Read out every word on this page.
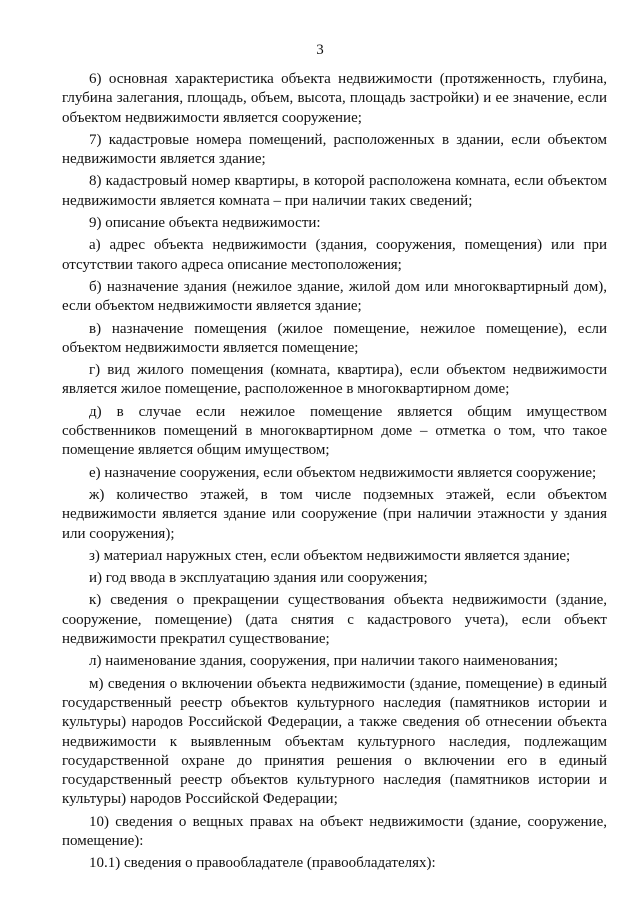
3

6) основная характеристика объекта недвижимости (протяженность, глубина, глубина залегания, площадь, объем, высота, площадь застройки) и ее значение, если объектом недвижимости является сооружение;

7) кадастровые номера помещений, расположенных в здании, если объектом недвижимости является здание;

8) кадастровый номер квартиры, в которой расположена комната, если объектом недвижимости является комната – при наличии таких сведений;

9) описание объекта недвижимости:

а) адрес объекта недвижимости (здания, сооружения, помещения) или при отсутствии такого адреса описание местоположения;

б) назначение здания (нежилое здание, жилой дом или многоквартирный дом), если объектом недвижимости является здание;

в) назначение помещения (жилое помещение, нежилое помещение), если объектом недвижимости является помещение;

г) вид жилого помещения (комната, квартира), если объектом недвижимости является жилое помещение, расположенное в многоквартирном доме;

д) в случае если нежилое помещение является общим имуществом собственников помещений в многоквартирном доме – отметка о том, что такое помещение является общим имуществом;

е) назначение сооружения, если объектом недвижимости является сооружение;

ж) количество этажей, в том числе подземных этажей, если объектом недвижимости является здание или сооружение (при наличии этажности у здания или сооружения);

з) материал наружных стен, если объектом недвижимости является здание;

и) год ввода в эксплуатацию здания или сооружения;

к) сведения о прекращении существования объекта недвижимости (здание, сооружение, помещение) (дата снятия с кадастрового учета), если объект недвижимости прекратил существование;

л) наименование здания, сооружения, при наличии такого наименования;

м) сведения о включении объекта недвижимости (здание, помещение) в единый государственный реестр объектов культурного наследия (памятников истории и культуры) народов Российской Федерации, а также сведения об отнесении объекта недвижимости к выявленным объектам культурного наследия, подлежащим государственной охране до принятия решения о включении его в единый государственный реестр объектов культурного наследия (памятников истории и культуры) народов Российской Федерации;

10) сведения о вещных правах на объект недвижимости (здание, сооружение, помещение):

10.1) сведения о правообладателе (правообладателях):
